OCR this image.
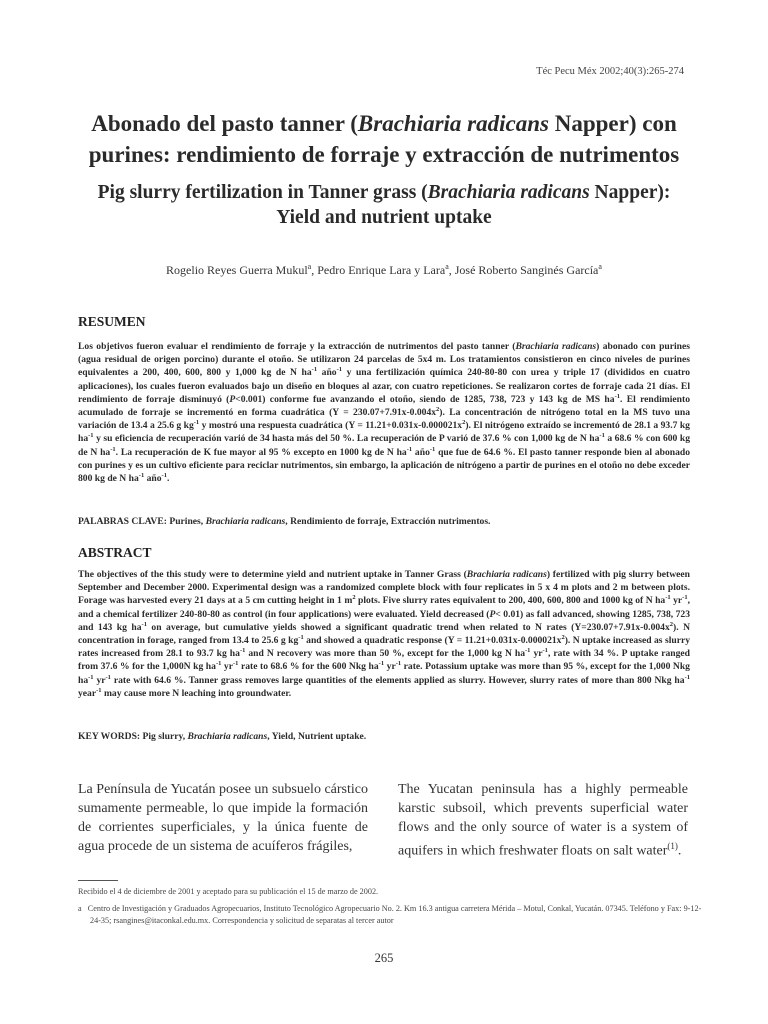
Téc Pecu Méx 2002;40(3):265-274
Abonado del pasto tanner (Brachiaria radicans Napper) con purines: rendimiento de forraje y extracción de nutrimentos
Pig slurry fertilization in Tanner grass (Brachiaria radicans Napper): Yield and nutrient uptake
Rogelio Reyes Guerra Mukul$^a$, Pedro Enrique Lara y Lara$^a$, José Roberto Sanginés García$^a$
RESUMEN
Los objetivos fueron evaluar el rendimiento de forraje y la extracción de nutrimentos del pasto tanner (Brachiaria radicans) abonado con purines (agua residual de origen porcino) durante el otoño. Se utilizaron 24 parcelas de 5x4 m. Los tratamientos consistieron en cinco niveles de purines equivalentes a 200, 400, 600, 800 y 1,000 kg de N $ha^{-1}$ año$^{-1}$ y una fertilización química 240-80-80 con urea y triple 17 (divididos en cuatro aplicaciones), los cuales fueron evaluados bajo un diseño en bloques al azar, con cuatro repeticiones. Se realizaron cortes de forraje cada 21 días. El rendimiento de forraje disminuyó (P<0.001) conforme fue avanzando el otoño, siendo de 1285, 738, 723 y 143 kg de MS $ha^{-1}$. El rendimiento acumulado de forraje se incrementó en forma cuadrática $(Y = 230.07+7.91x-0.004x^2)$. La concentración de nitrógeno total en la MS tuvo una variación de 13.4 a 25.6 g $kg^{-1}$ y mostró una respuesta cuadrática $(Y = 11.21+0.031x-0.000021x^2)$. El nitrógeno extraído se incrementó de 28.1 a 93.7 kg $ha^{-1}$ y su eficiencia de recuperación varió de 34 hasta más del 50 %. La recuperación de P varió de 37.6 % con 1,000 kg de N $ha^{-1}$ a 68.6 % con 600 kg de N $ha^{-1}$. La recuperación de K fue mayor al 95 % excepto en 1000 kg de N $ha^{-1}$ año$^{-1}$ que fue de 64.6 %. El pasto tanner responde bien al abonado con purines y es un cultivo eficiente para reciclar nutrimentos, sin embargo, la aplicación de nitrógeno a partir de purines en el otoño no debe exceder 800 kg de N $ha^{-1}$ año$^{-1}$.
PALABRAS CLAVE: Purines, Brachiaria radicans, Rendimiento de forraje, Extracción nutrimentos.
ABSTRACT
The objectives of the this study were to determine yield and nutrient uptake in Tanner Grass (Brachiaria radicans) fertilized with pig slurry between September and December 2000. Experimental design was a randomized complete block with four replicates in 5 x 4 m plots and 2 m between plots. Forage was harvested every 21 days at a 5 cm cutting height in 1 $m^2$ plots. Five slurry rates equivalent to 200, 400, 600, 800 and 1000 kg of N $ha^{-1}$ $yr^{-1}$, and a chemical fertilizer 240-80-80 as control (in four applications) were evaluated. Yield decreased (P< 0.01) as fall advanced, showing 1285, 738, 723 and 143 kg $ha^{-1}$ on average, but cumulative yields showed a significant quadratic trend when related to N rates $(Y=230.07+7.91x-0.004x^2)$. N concentration in forage, ranged from 13.4 to 25.6 g $kg^{-1}$ and showed a quadratic response $(Y = 11.21+0.031x-0.000021x^2)$. N uptake increased as slurry rates increased from 28.1 to 93.7 kg $ha^{-1}$ and N recovery was more than 50 %, except for the 1,000 kg N $ha^{-1}$ $yr^{-1}$, rate with 34 %. P uptake ranged from 37.6 % for the 1,000N kg $ha^{-1}$ $yr^{-1}$ rate to 68.6 % for the 600 Nkg $ha^{-1}$ $yr^{-1}$ rate. Potassium uptake was more than 95 %, except for the 1,000 Nkg $ha^{-1}$ $yr^{-1}$ rate with 64.6 %. Tanner grass removes large quantities of the elements applied as slurry. However, slurry rates of more than 800 Nkg $ha^{-1}$ year$^{-1}$ may cause more N leaching into groundwater.
KEY WORDS: Pig slurry, Brachiaria radicans, Yield, Nutrient uptake.
La Península de Yucatán posee un subsuelo cárstico sumamente permeable, lo que impide la formación de corrientes superficiales, y la única fuente de agua procede de un sistema de acuíferos frágiles,
The Yucatan peninsula has a highly permeable karstic subsoil, which prevents superficial water flows and the only source of water is a system of aquifers in which freshwater floats on salt water$^{(1)}$.
Recibido el 4 de diciembre de 2001 y aceptado para su publicación el 15 de marzo de 2002.
a Centro de Investigación y Graduados Agropecuarios, Instituto Tecnológico Agropecuario No. 2. Km 16.3 antigua carretera Mérida – Motul, Conkal, Yucatán. 07345. Teléfono y Fax: 9-12-24-35; rsangines@itaconkal.edu.mx. Correspondencia y solicitud de separatas al tercer autor
265
